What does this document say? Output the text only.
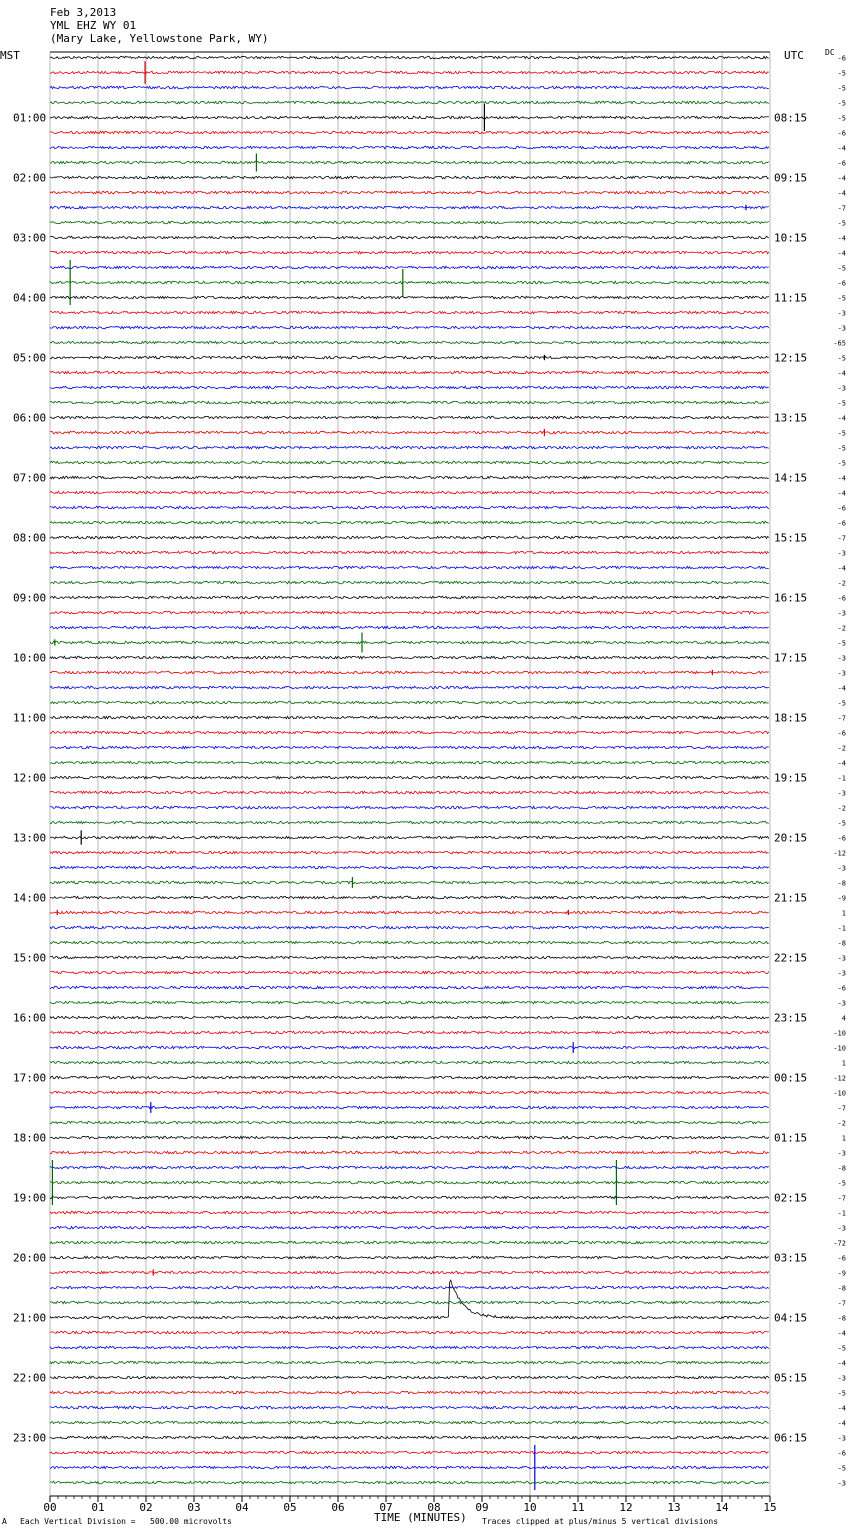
Feb 3,2013
YML EHZ WY 01
(Mary Lake, Yellowstone Park, WY)
MST	UTC	DC
01:00
02:00
03:00
04:00
05:00
06:00
07:00
08:00
09:00
10:00
11:00
12:00
13:00
14:00
15:00
16:00
17:00
18:00
19:00
20:00
21:00
22:00
23:00
08:15
09:15
10:15
11:15
12:15
13:15
14:15
15:15
16:15
17:15
18:15
19:15
20:15
21:15
22:15
23:15
00:15
01:15
02:15
03:15
04:15
05:15
06:15
-6
-5
-5
-5
-5
-6
-4
-6
-4
-4
-7
-5
-4
-4
-5
-6
-5
-3
-3
-65
-5
-4
-3
-5
-4
-5
-5
-5
-4
-4
-6
-6
-7
-3
-4
-2
-6
-3
-2
-5
-3
-3
-4
-5
-7
-6
-2
-4
-1
-3
-2
-5
-6
-12
-3
-8
-9
1
-1
-8
-3
-3
-6
-3
4
-10
-10
1
-12
-10
-7
-2
1
-3
-8
-5
-7
-1
-3
-72
-6
-9
-8
-7
-8
-4
-5
-4
-3
-5
-4
-4
-3
-6
-5
-3
00	01	02	03	04	05	06	07	08	09	10	11	12	13	14	15
A Each Vertical Division =   500.00 microvolts	TIME (MINUTES) Traces clipped at plus/minus 5 vertical divisions
